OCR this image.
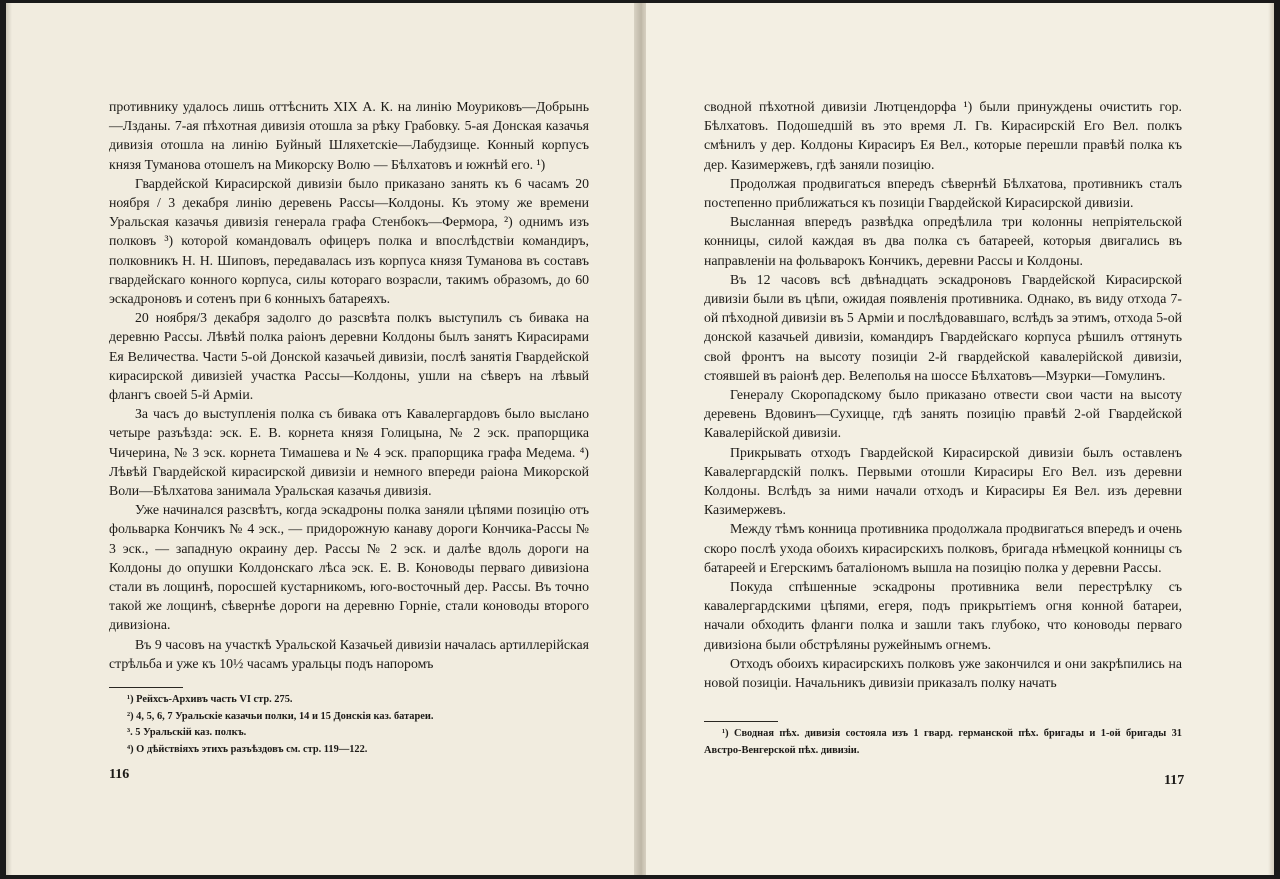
противнику удалось лишь оттѣснить XIX А. К. на линію Моуриковъ—Добрынь—Лзданы. 7-ая пѣхотная дивизія отошла за рѣку Грабовку. 5-ая Донская казачья дивизія отошла на линію Буйный Шляхетскіе—Лабудзище. Конный корпусъ князя Туманова отошелъ на Микорску Волю — Бѣлхатовъ и южнѣй его. ¹)

Гвардейской Кирасирской дивизіи было приказано занять къ 6 часамъ 20 ноября / 3 декабря линію деревень Рассы—Колдоны. Къ этому же времени Уральская казачья дивизія генерала графа Стенбокъ—Фермора, ²) однимъ изъ полковъ ³) которой командовалъ офицеръ полка и впослѣдствіи командиръ, полковникъ Н. Н. Шиповъ, передавалась изъ корпуса князя Туманова въ составъ гвардейскаго конного корпуса, силы котораго возрасли, такимъ образомъ, до 60 эскадроновъ и сотенъ при 6 конныхъ батареяхъ.

20 ноября/3 декабря задолго до разсвѣта полкъ выступилъ съ бивака на деревню Рассы. Лѣвѣй полка раіонъ деревни Колдоны былъ занятъ Кирасирами Ея Величества. Части 5-ой Донской казачьей дивизіи, послѣ занятія Гвардейской кирасирской дивизіей участка Рассы—Колдоны, ушли на сѣверъ на лѣвый флангъ своей 5-й Арміи.

За часъ до выступленія полка съ бивака отъ Кавалергардовъ было выслано четыре разъѣзда: эск. Е. В. корнета князя Голицына, № 2 эск. прапорщика Чичерина, № 3 эск. корнета Тимашева и № 4 эск. прапорщика графа Медема. ⁴) Лѣвѣй Гвардейской кирасирской дивизіи и немного впереди раіона Микорской Воли—Бѣлхатова занимала Уральская казачья дивизія.

Уже начинался разсвѣтъ, когда эскадроны полка заняли цѣпями позицію отъ фольварка Кончикъ № 4 эск., — придорожную канаву дороги Кончика-Рассы № 3 эск., — западную окраину дер. Рассы № 2 эск. и далѣе вдоль дороги на Колдоны до опушки Колдонскаго лѣса эск. Е. В. Коноводы перваго дивизіона стали въ лощинѣ, поросшей кустарникомъ, юго-восточный дер. Рассы. Въ точно такой же лощинѣ, сѣвернѣе дороги на деревню Горніе, стали коноводы второго дивизіона.

Въ 9 часовъ на участкѣ Уральской Казачьей дивизіи началась артиллерійская стрѣльба и уже къ 10½ часамъ уральцы подъ напоромъ

¹) Рейхсъ-Архивъ часть VI стр. 275.

²) 4, 5, 6, 7 Уральскіе казачьи полки, 14 и 15 Донскія каз. батареи.

³. 5 Уральскій каз. полкъ.

⁴) О дѣйствіяхъ этихъ разъѣздовъ см. стр. 119—122.

116

сводной пѣхотной дивизіи Лютцендорфа ¹) были принуждены очистить гор. Бѣлхатовъ. Подошедшій въ это время Л. Гв. Кирасирскій Его Вел. полкъ смѣнилъ у дер. Колдоны Кирасиръ Ея Вел., которые перешли правѣй полка къ дер. Казимержевъ, гдѣ заняли позицію.

Продолжая продвигаться впередъ сѣвернѣй Бѣлхатова, противникъ сталъ постепенно приближаться къ позиціи Гвардейской Кирасирской дивизіи.

Высланная впередъ развѣдка опредѣлила три колонны непріятельской конницы, силой каждая въ два полка съ батареей, которыя двигались въ направленіи на фольварокъ Кончикъ, деревни Рассы и Колдоны.

Въ 12 часовъ всѣ двѣнадцать эскадроновъ Гвардейской Кирасирской дивизіи были въ цѣпи, ожидая появленія противника. Однако, въ виду отхода 7-ой пѣходной дивизіи въ 5 Арміи и послѣдовавшаго, вслѣдъ за этимъ, отхода 5-ой донской казачьей дивизіи, командиръ Гвардейскаго корпуса рѣшилъ оттянуть свой фронтъ на высоту позиціи 2-й гвардейской кавалерійской дивизіи, стоявшей въ раіонѣ дер. Велеполья на шоссе Бѣлхатовъ—Мзурки—Гомулинъ.

Генералу Скоропадскому было приказано отвести свои части на высоту деревень Вдовинъ—Сухицце, гдѣ занять позицію правѣй 2-ой Гвардейской Кавалерійской дивизіи.

Прикрывать отходъ Гвардейской Кирасирской дивизіи былъ оставленъ Кавалергардскій полкъ. Первыми отошли Кирасиры Его Вел. изъ деревни Колдоны. Вслѣдъ за ними начали отходъ и Кирасиры Ея Вел. изъ деревни Казимержевъ.

Между тѣмъ конница противника продолжала продвигаться впередъ и очень скоро послѣ ухода обоихъ кирасирскихъ полковъ, бригада нѣмецкой конницы съ батареей и Егерскимъ баталіономъ вышла на позицію полка у деревни Рассы.

Покуда спѣшенные эскадроны противника вели перестрѣлку съ кавалергардскими цѣпями, егеря, подъ прикрытіемъ огня конной батареи, начали обходить фланги полка и зашли такъ глубоко, что коноводы перваго дивизіона были обстрѣляны ружейнымъ огнемъ.

Отходъ обоихъ кирасирскихъ полковъ уже закончился и они закрѣпились на новой позиціи. Начальникъ дивизіи приказалъ полку начать

¹) Сводная пѣх. дивизія состояла изъ 1 гвард. германской пѣх. бригады и 1-ой бригады 31 Австро-Венгерской пѣх. дивизіи.

117
